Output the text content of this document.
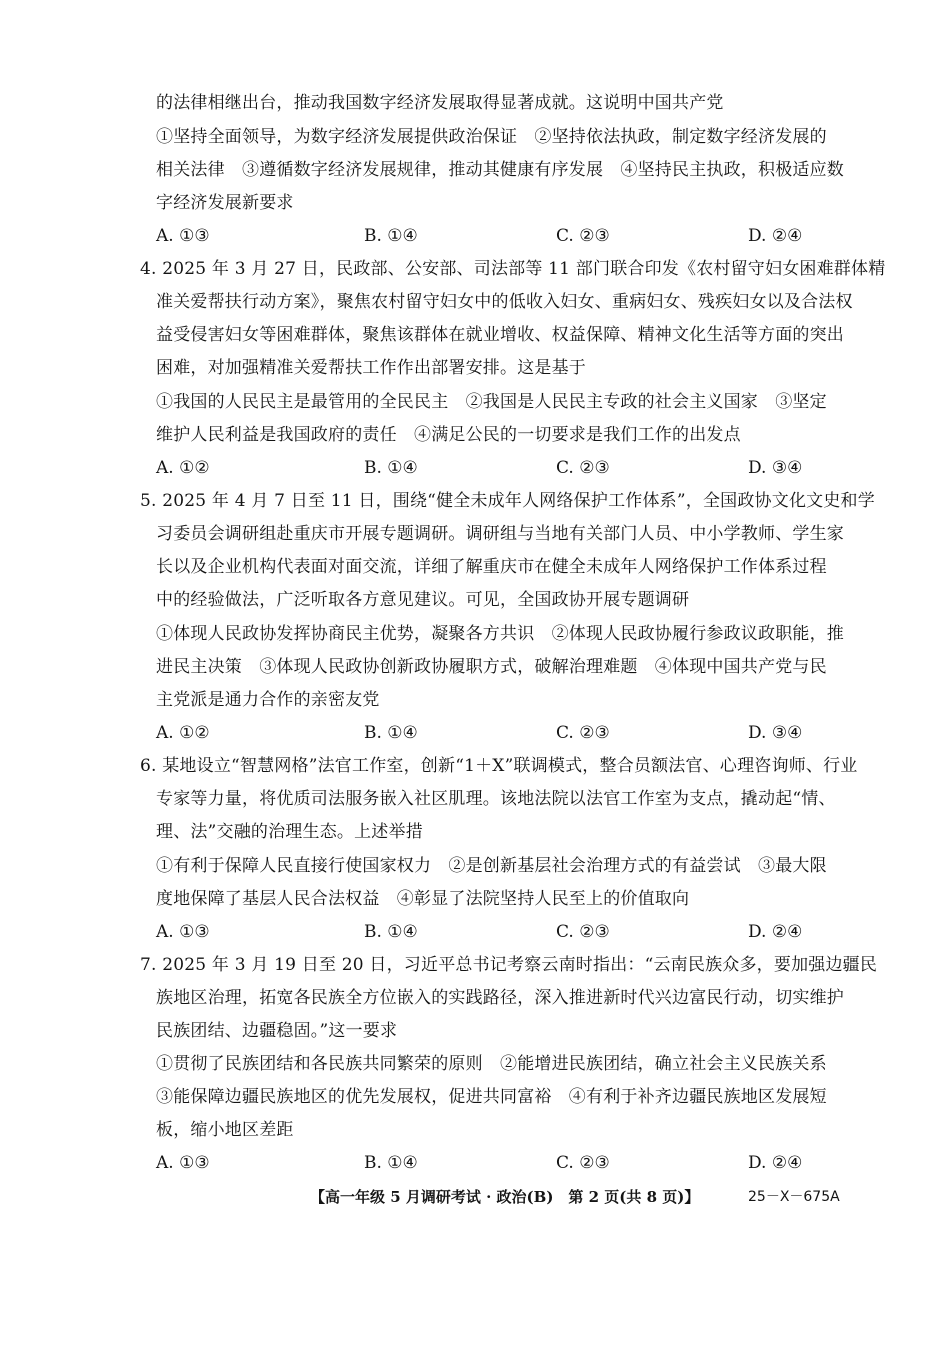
的法律相继出台，推动我国数字经济发展取得显著成就。这说明中国共产党
①坚持全面领导，为数字经济发展提供政治保证　②坚持依法执政，制定数字经济发展的
相关法律　③遵循数字经济发展规律，推动其健康有序发展　④坚持民主执政，积极适应数
字经济发展新要求
A. ①③	B. ①④	C. ②③	D. ②④
4. 2025 年 3 月 27 日，民政部、公安部、司法部等 11 部门联合印发《农村留守妇女困难群体精
准关爱帮扶行动方案》，聚焦农村留守妇女中的低收入妇女、重病妇女、残疾妇女以及合法权
益受侵害妇女等困难群体，聚焦该群体在就业增收、权益保障、精神文化生活等方面的突出
困难，对加强精准关爱帮扶工作作出部署安排。这是基于
①我国的人民民主是最管用的全民民主　②我国是人民民主专政的社会主义国家　③坚定
维护人民利益是我国政府的责任　④满足公民的一切要求是我们工作的出发点
A. ①②	B. ①④	C. ②③	D. ③④
5. 2025 年 4 月 7 日至 11 日，围绕“健全未成年人网络保护工作体系”，全国政协文化文史和学
习委员会调研组赴重庆市开展专题调研。调研组与当地有关部门人员、中小学教师、学生家
长以及企业机构代表面对面交流，详细了解重庆市在健全未成年人网络保护工作体系过程
中的经验做法，广泛听取各方意见建议。可见，全国政协开展专题调研
①体现人民政协发挥协商民主优势，凝聚各方共识　②体现人民政协履行参政议政职能，推
进民主决策　③体现人民政协创新政协履职方式，破解治理难题　④体现中国共产党与民
主党派是通力合作的亲密友党
A. ①②	B. ①④	C. ②③	D. ③④
6. 某地设立“智慧网格”法官工作室，创新“1＋X”联调模式，整合员额法官、心理咨询师、行业
专家等力量，将优质司法服务嵌入社区肌理。该地法院以法官工作室为支点，撬动起“情、
理、法”交融的治理生态。上述举措
①有利于保障人民直接行使国家权力　②是创新基层社会治理方式的有益尝试　③最大限
度地保障了基层人民合法权益　④彰显了法院坚持人民至上的价值取向
A. ①③	B. ①④	C. ②③	D. ②④
7. 2025 年 3 月 19 日至 20 日，习近平总书记考察云南时指出：“云南民族众多，要加强边疆民
族地区治理，拓宽各民族全方位嵌入的实践路径，深入推进新时代兴边富民行动，切实维护
民族团结、边疆稳固。”这一要求
①贯彻了民族团结和各民族共同繁荣的原则　②能增进民族团结，确立社会主义民族关系
③能保障边疆民族地区的优先发展权，促进共同富裕　④有利于补齐边疆民族地区发展短
板，缩小地区差距
A. ①③	B. ①④	C. ②③	D. ②④
【高一年级 5 月调研考试 · 政治(B)　第 2 页(共 8 页)】	25－X－675A
